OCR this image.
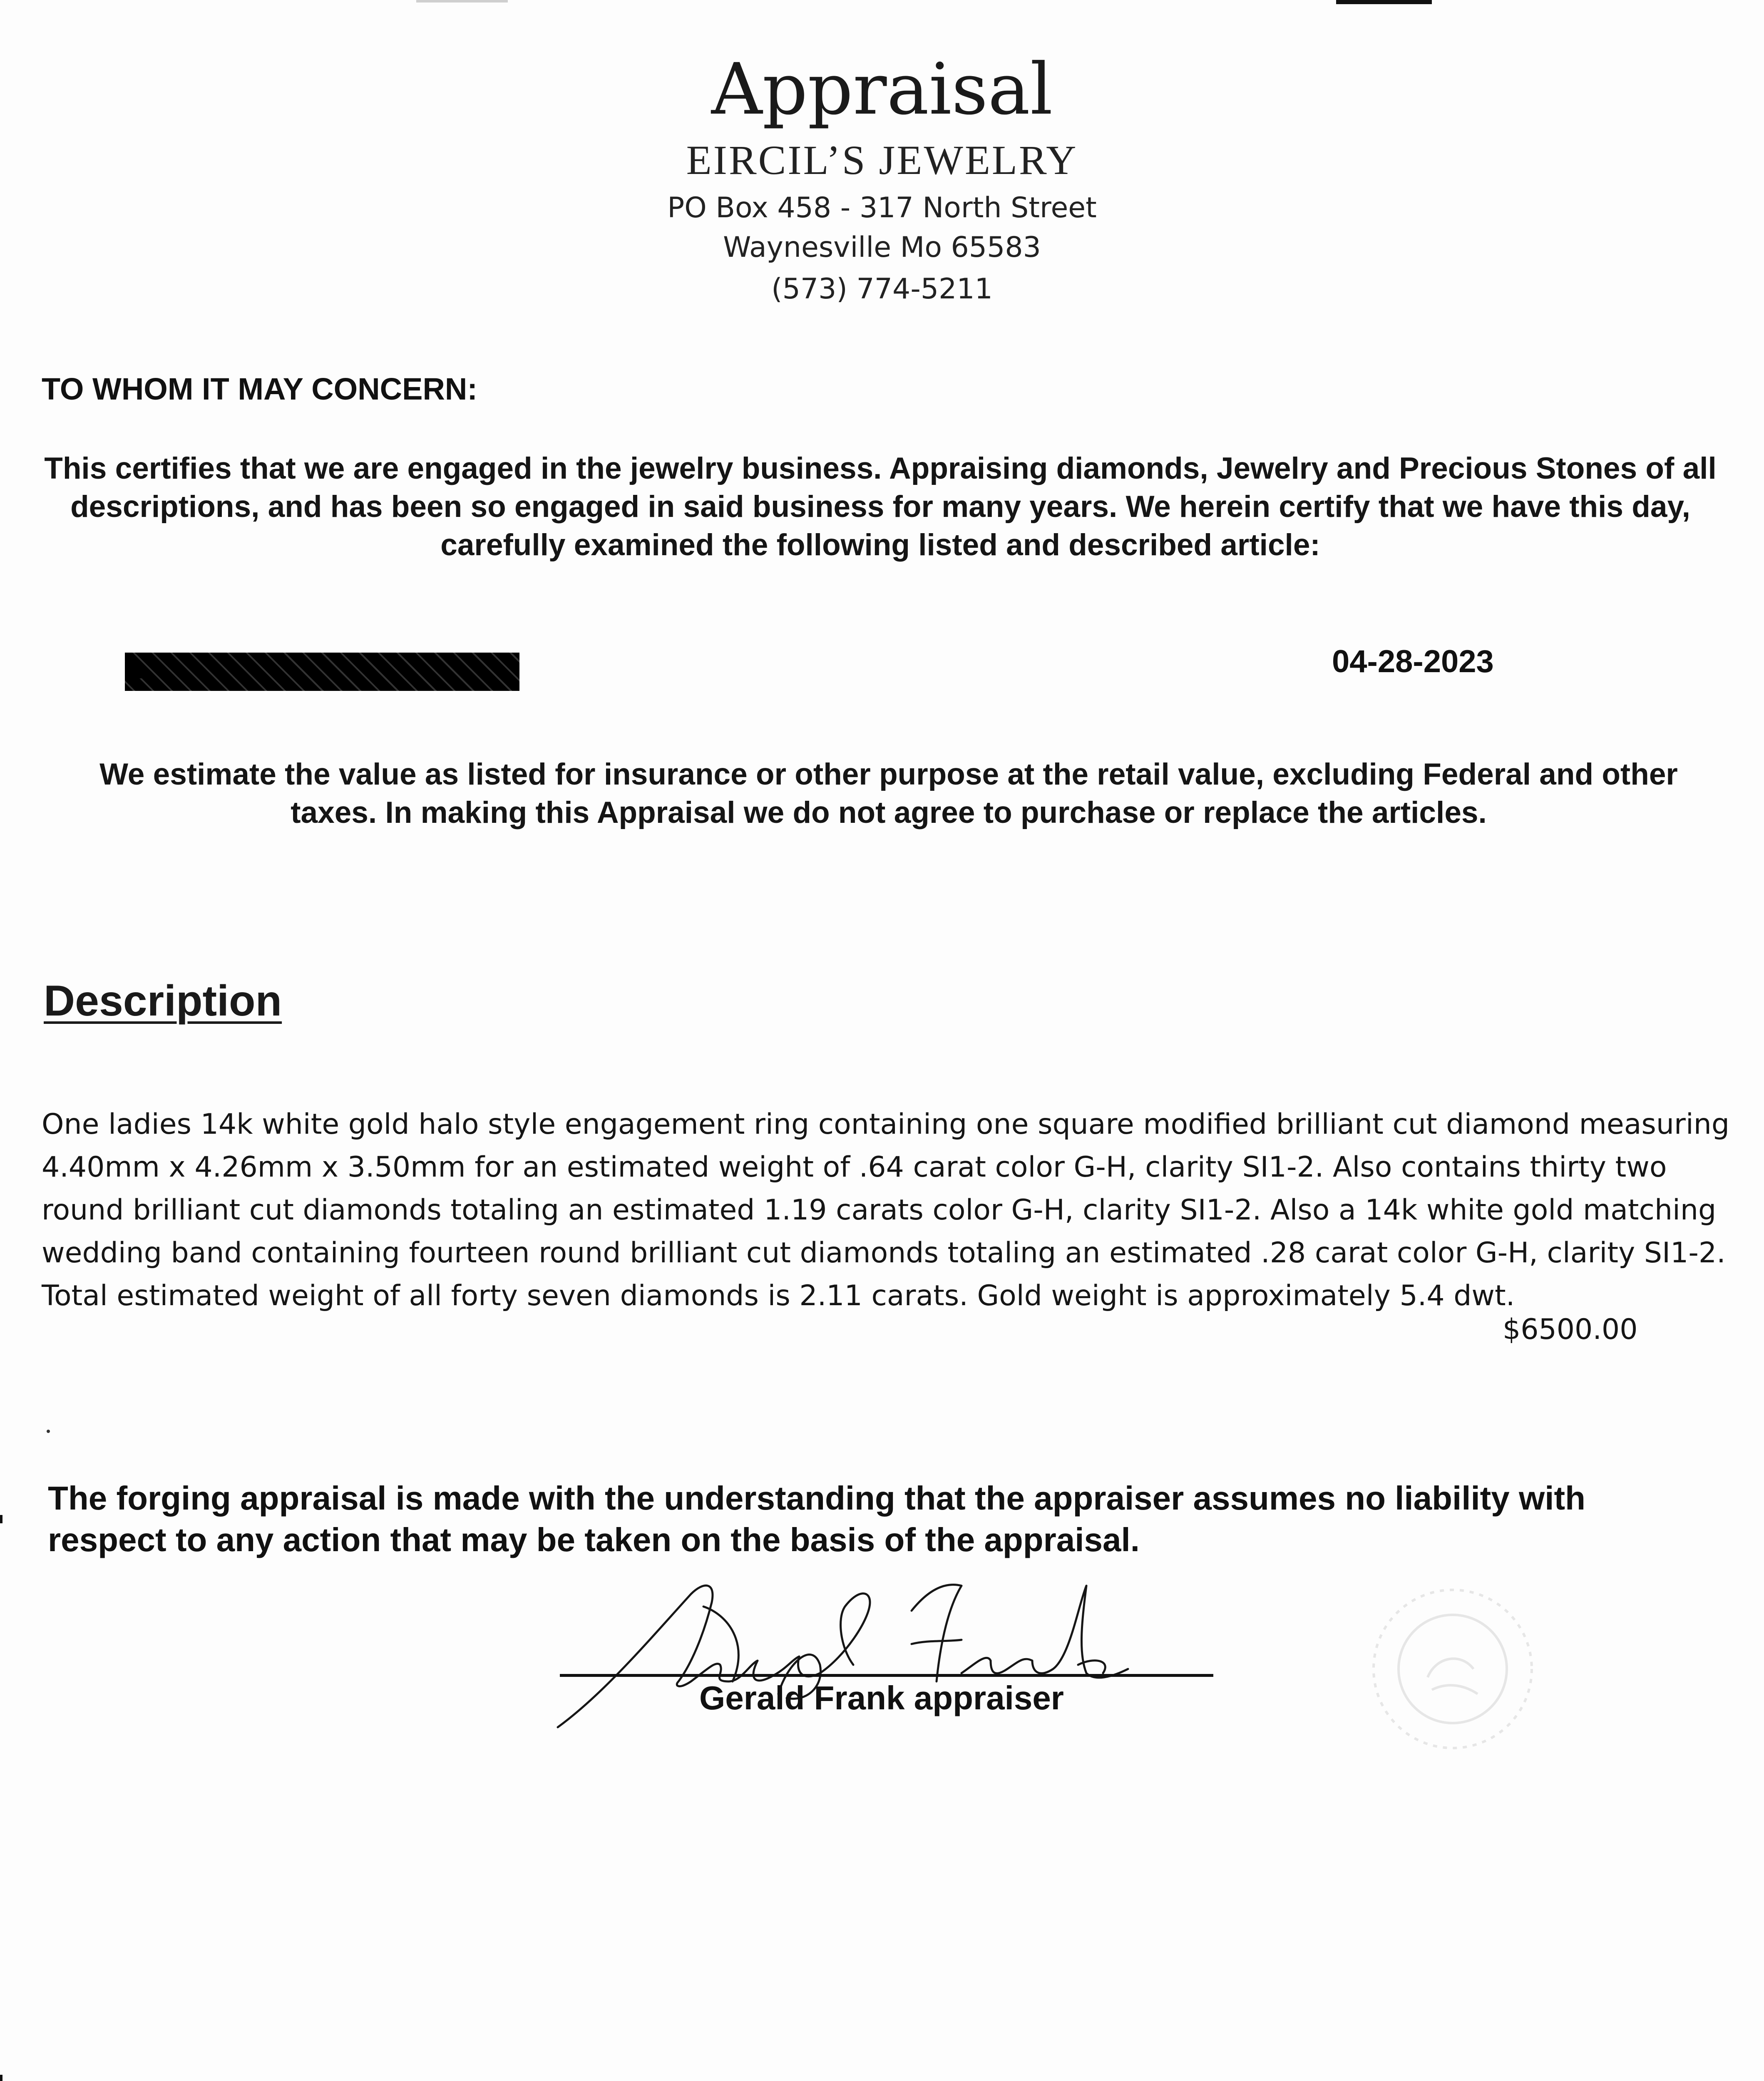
Appraisal
EIRCIL’S JEWELRY
PO Box 458 - 317 North Street
Waynesville Mo 65583
(573) 774-5211
TO WHOM IT MAY CONCERN:
This certifies that we are engaged in the jewelry business. Appraising diamonds, Jewelry and Precious Stones of all descriptions, and has been so engaged in said business for many years. We herein certify that we have this day, carefully examined the following listed and described article:
04-28-2023
We estimate the value as listed for insurance or other purpose at the retail value, excluding Federal and other taxes. In making this Appraisal we do not agree to purchase or replace the articles.
Description
One ladies 14k white gold halo style engagement ring containing one square modified brilliant cut diamond measuring 4.40mm x 4.26mm x 3.50mm for an estimated weight of .64 carat color G-H, clarity SI1-2. Also contains thirty two round brilliant cut diamonds totaling an estimated 1.19 carats color G-H, clarity SI1-2. Also a 14k white gold matching wedding band containing fourteen round brilliant cut diamonds totaling an estimated .28 carat color G-H, clarity SI1-2. Total estimated weight of all forty seven diamonds is 2.11 carats. Gold weight is approximately 5.4 dwt.
$6500.00
The forging appraisal is made with the understanding that the appraiser assumes no liability with respect to any action that may be taken on the basis of the appraisal.
Gerald Frank appraiser
